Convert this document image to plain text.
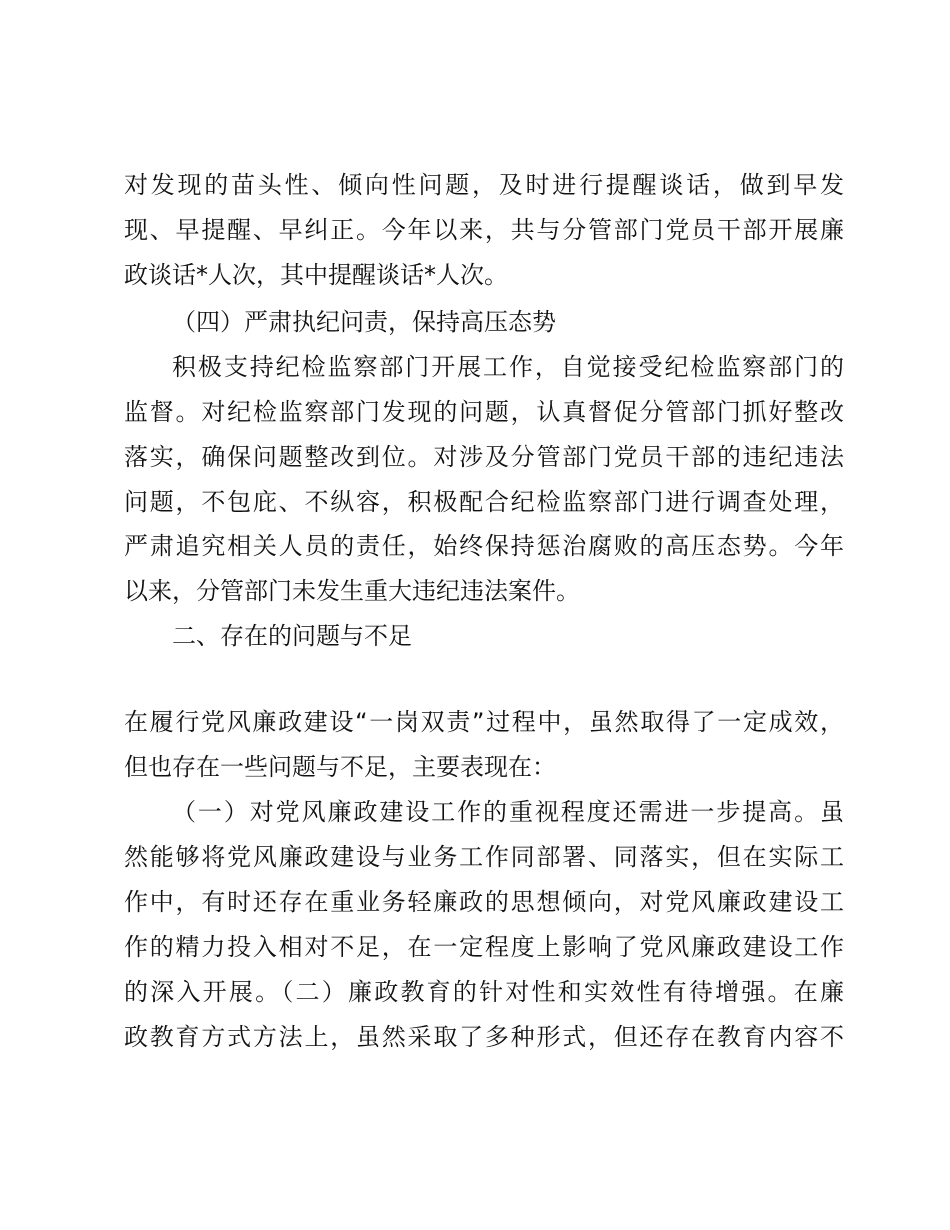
对发现的苗头性、倾向性问题，及时进行提醒谈话，做到早发

现、早提醒、早纠正。今年以来，共与分管部门党员干部开展廉

政谈话*人次，其中提醒谈话*人次。

（四）严肃执纪问责，保持高压态势

积极支持纪检监察部门开展工作，自觉接受纪检监察部门的

监督。对纪检监察部门发现的问题，认真督促分管部门抓好整改

落实，确保问题整改到位。对涉及分管部门党员干部的违纪违法

问题，不包庇、不纵容，积极配合纪检监察部门进行调查处理，

严肃追究相关人员的责任，始终保持惩治腐败的高压态势。今年

以来，分管部门未发生重大违纪违法案件。

二、存在的问题与不足

在履行党风廉政建设“一岗双责”过程中，虽然取得了一定成效，

但也存在一些问题与不足，主要表现在：

（一）对党风廉政建设工作的重视程度还需进一步提高。虽

然能够将党风廉政建设与业务工作同部署、同落实，但在实际工

作中，有时还存在重业务轻廉政的思想倾向，对党风廉政建设工

作的精力投入相对不足，在一定程度上影响了党风廉政建设工作

的深入开展。（二）廉政教育的针对性和实效性有待增强。在廉

政教育方式方法上，虽然采取了多种形式，但还存在教育内容不
